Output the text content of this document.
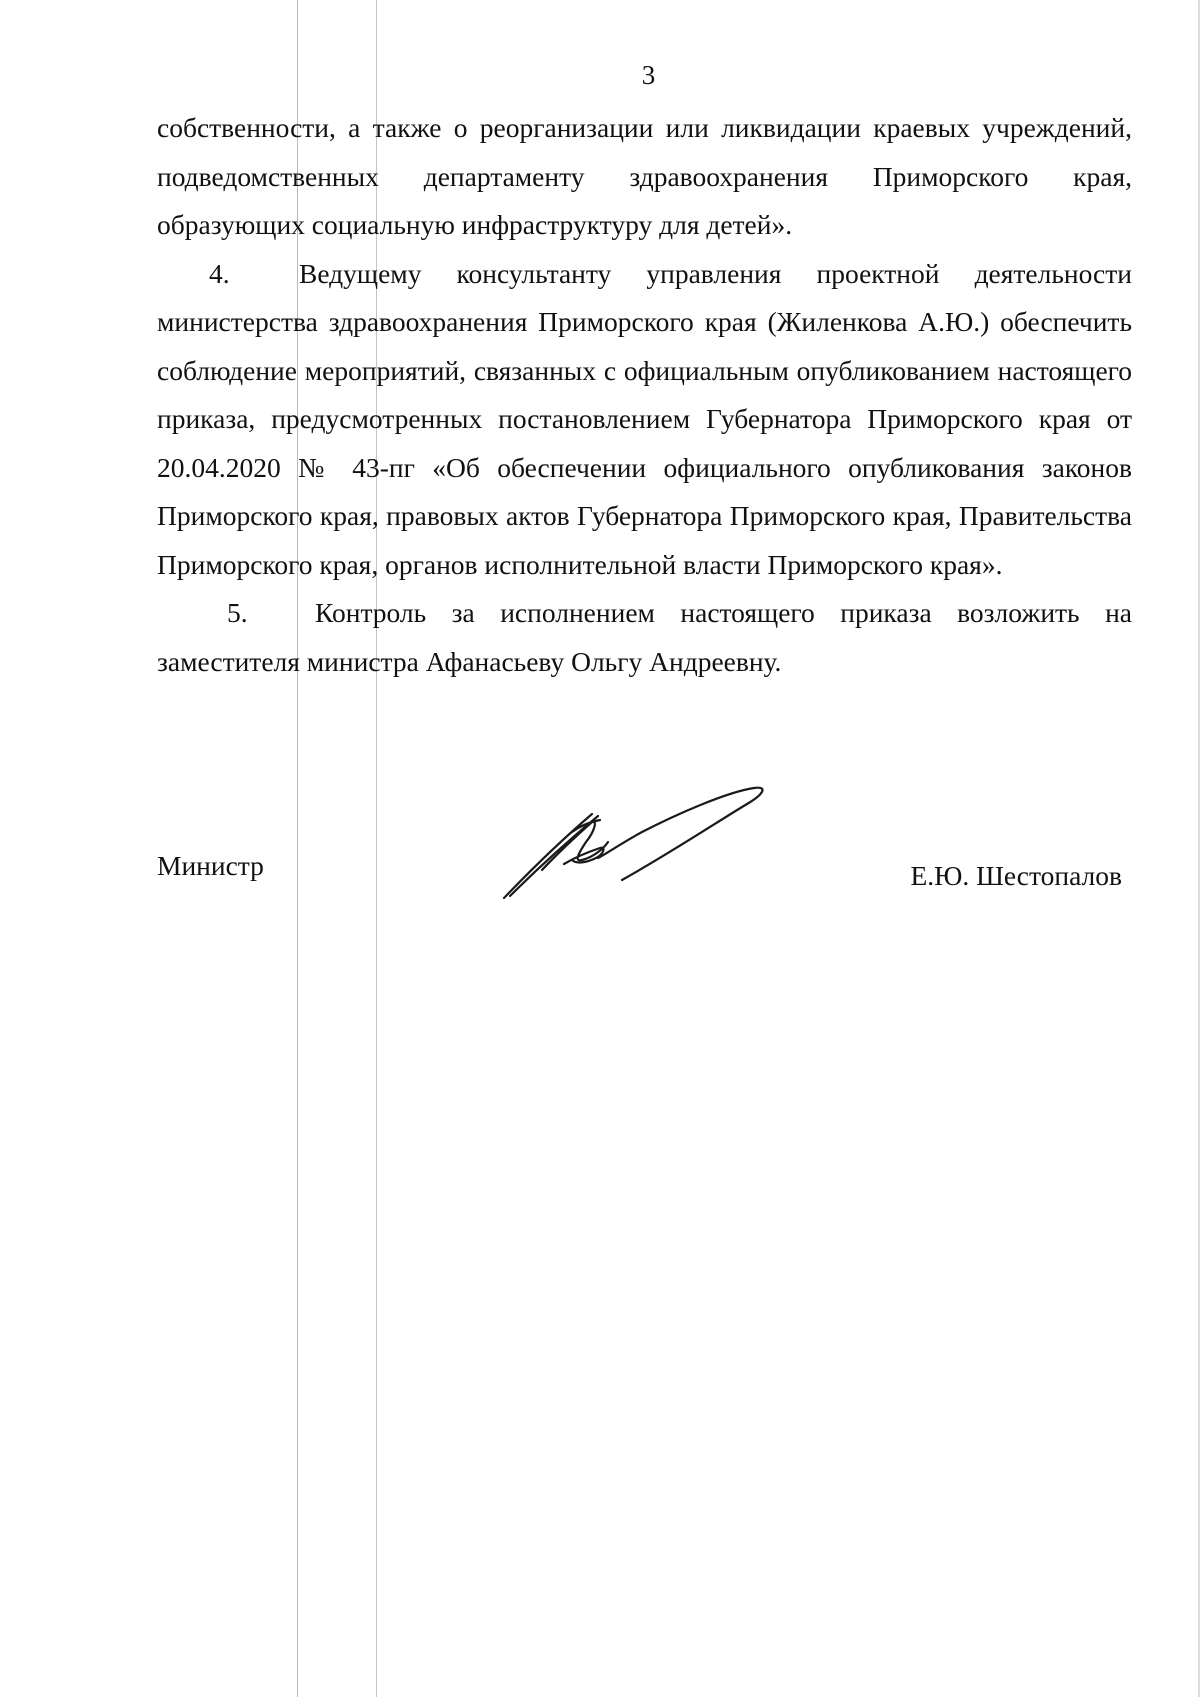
3

собственности, а также о реорганизации или ликвидации краевых учреждений, подведомственных департаменту здравоохранения Приморского края, образующих социальную инфраструктуру для детей».

4.	Ведущему консультанту управления проектной деятельности министерства здравоохранения Приморского края (Жиленкова А.Ю.) обеспечить соблюдение мероприятий, связанных с официальным опубликованием настоящего приказа, предусмотренных постановлением Губернатора Приморского края от 20.04.2020 № 43-пг «Об обеспечении официального опубликования законов Приморского края, правовых актов Губернатора Приморского края, Правительства Приморского края, органов исполнительной власти Приморского края».

5. Контроль за исполнением настоящего приказа возложить на заместителя министра Афанасьеву Ольгу Андреевну.

Министр	Е.Ю. Шестопалов
